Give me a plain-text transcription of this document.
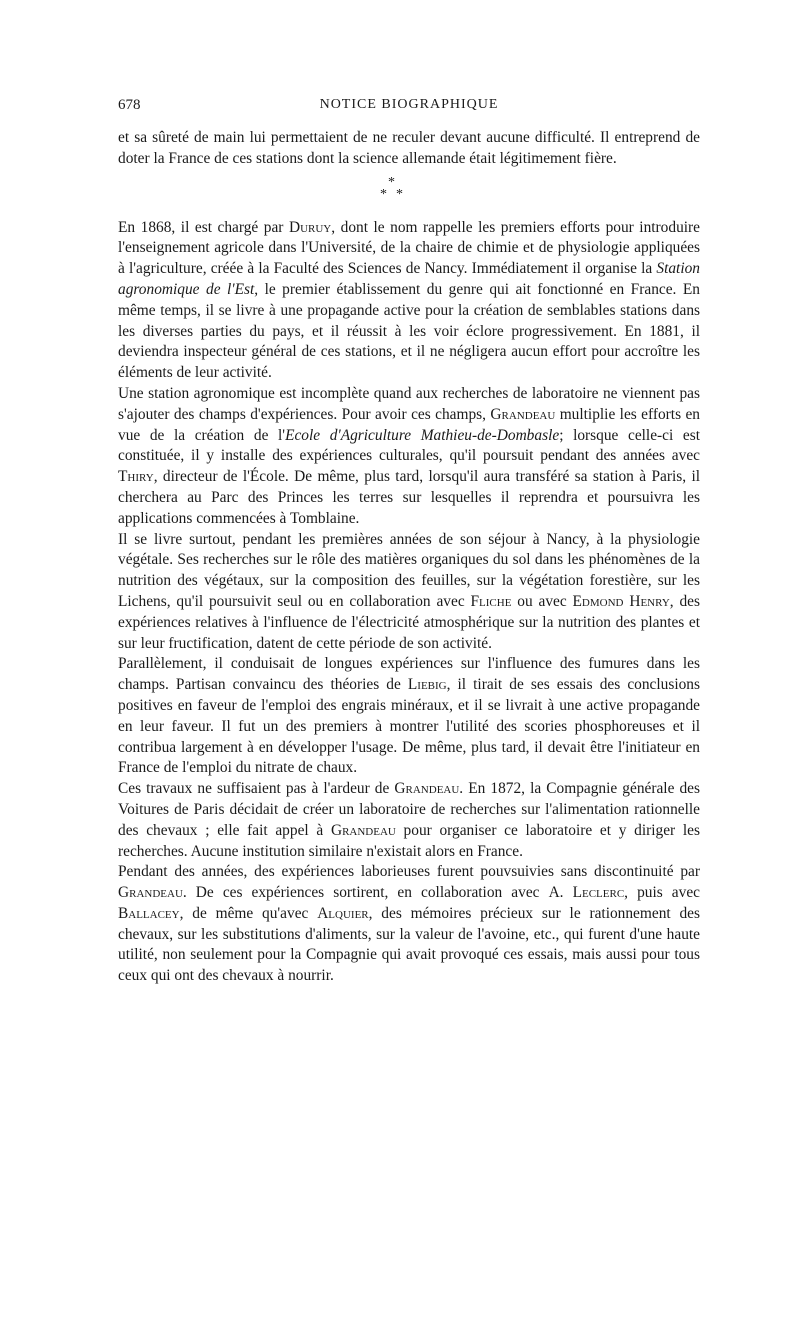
678	NOTICE BIOGRAPHIQUE

et sa sûreté de main lui permettaient de ne reculer devant aucune difficulté. Il entreprend de doter la France de ces stations dont la science allemande était légitimement fière.

*
* *

En 1868, il est chargé par Duruy, dont le nom rappelle les premiers efforts pour introduire l'enseignement agricole dans l'Université, de la chaire de chimie et de physiologie appliquées à l'agriculture, créée à la Faculté des Sciences de Nancy. Immédiatement il organise la Station agronomique de l'Est, le premier établissement du genre qui ait fonctionné en France. En même temps, il se livre à une propagande active pour la création de semblables stations dans les diverses parties du pays, et il réussit à les voir éclore progressivement. En 1881, il deviendra inspecteur général de ces stations, et il ne négligera aucun effort pour accroître les éléments de leur activité.

Une station agronomique est incomplète quand aux recherches de laboratoire ne viennent pas s'ajouter des champs d'expériences. Pour avoir ces champs, Grandeau multiplie les efforts en vue de la création de l'Ecole d'Agriculture Mathieu-de-Dombasle; lorsque celle-ci est constituée, il y installe des expériences culturales, qu'il poursuit pendant des années avec Thiry, directeur de l'École. De même, plus tard, lorsqu'il aura transféré sa station à Paris, il cherchera au Parc des Princes les terres sur lesquelles il reprendra et poursuivra les applications commencées à Tomblaine.

Il se livre surtout, pendant les premières années de son séjour à Nancy, à la physiologie végétale. Ses recherches sur le rôle des matières organiques du sol dans les phénomènes de la nutrition des végétaux, sur la composition des feuilles, sur la végétation forestière, sur les Lichens, qu'il poursuivit seul ou en collaboration avec Fliche ou avec Edmond Henry, des expériences relatives à l'influence de l'électricité atmosphérique sur la nutrition des plantes et sur leur fructification, datent de cette période de son activité.

Parallèlement, il conduisait de longues expériences sur l'influence des fumures dans les champs. Partisan convaincu des théories de Liebig, il tirait de ses essais des conclusions positives en faveur de l'emploi des engrais minéraux, et il se livrait à une active propagande en leur faveur. Il fut un des premiers à montrer l'utilité des scories phosphoreuses et il contribua largement à en développer l'usage. De même, plus tard, il devait être l'initiateur en France de l'emploi du nitrate de chaux.

Ces travaux ne suffisaient pas à l'ardeur de Grandeau. En 1872, la Compagnie générale des Voitures de Paris décidait de créer un laboratoire de recherches sur l'alimentation rationnelle des chevaux ; elle fait appel à Grandeau pour organiser ce laboratoire et y diriger les recherches. Aucune institution similaire n'existait alors en France.

Pendant des années, des expériences laborieuses furent pouvsuivies sans discontinuité par Grandeau. De ces expériences sortirent, en collaboration avec A. Leclerc, puis avec Ballacey, de même qu'avec Alquier, des mémoires précieux sur le rationnement des chevaux, sur les substitutions d'aliments, sur la valeur de l'avoine, etc., qui furent d'une haute utilité, non seulement pour la Compagnie qui avait provoqué ces essais, mais aussi pour tous ceux qui ont des chevaux à nourrir.
